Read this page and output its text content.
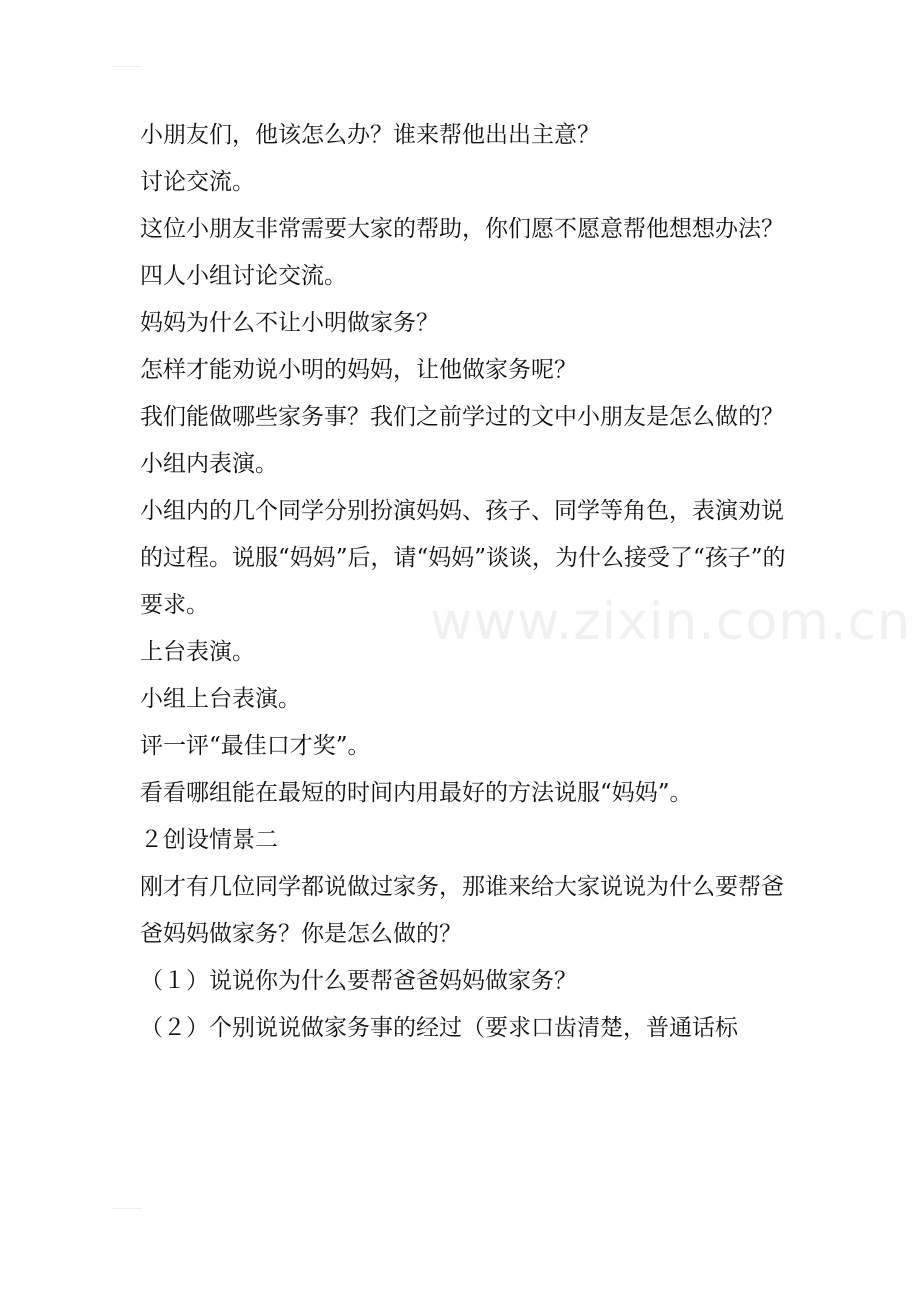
小朋友们，他该怎么办？谁来帮他出出主意？

讨论交流。

这位小朋友非常需要大家的帮助，你们愿不愿意帮他想想办法？

四人小组讨论交流。

妈妈为什么不让小明做家务？

怎样才能劝说小明的妈妈，让他做家务呢？

我们能做哪些家务事？我们之前学过的文中小朋友是怎么做的？

小组内表演。

小组内的几个同学分别扮演妈妈、孩子、同学等角色，表演劝说的过程。说服“妈妈”后，请“妈妈”谈谈，为什么接受了“孩子”的要求。

上台表演。

小组上台表演。

评一评“最佳口才奖”。

看看哪组能在最短的时间内用最好的方法说服“妈妈”。

２创设情景二

刚才有几位同学都说做过家务，那谁来给大家说说为什么要帮爸爸妈妈做家务？你是怎么做的？

（１）说说你为什么要帮爸爸妈妈做家务？

（２）个别说说做家务事的经过（要求口齿清楚，普通话标

www.zixin.com.cn
